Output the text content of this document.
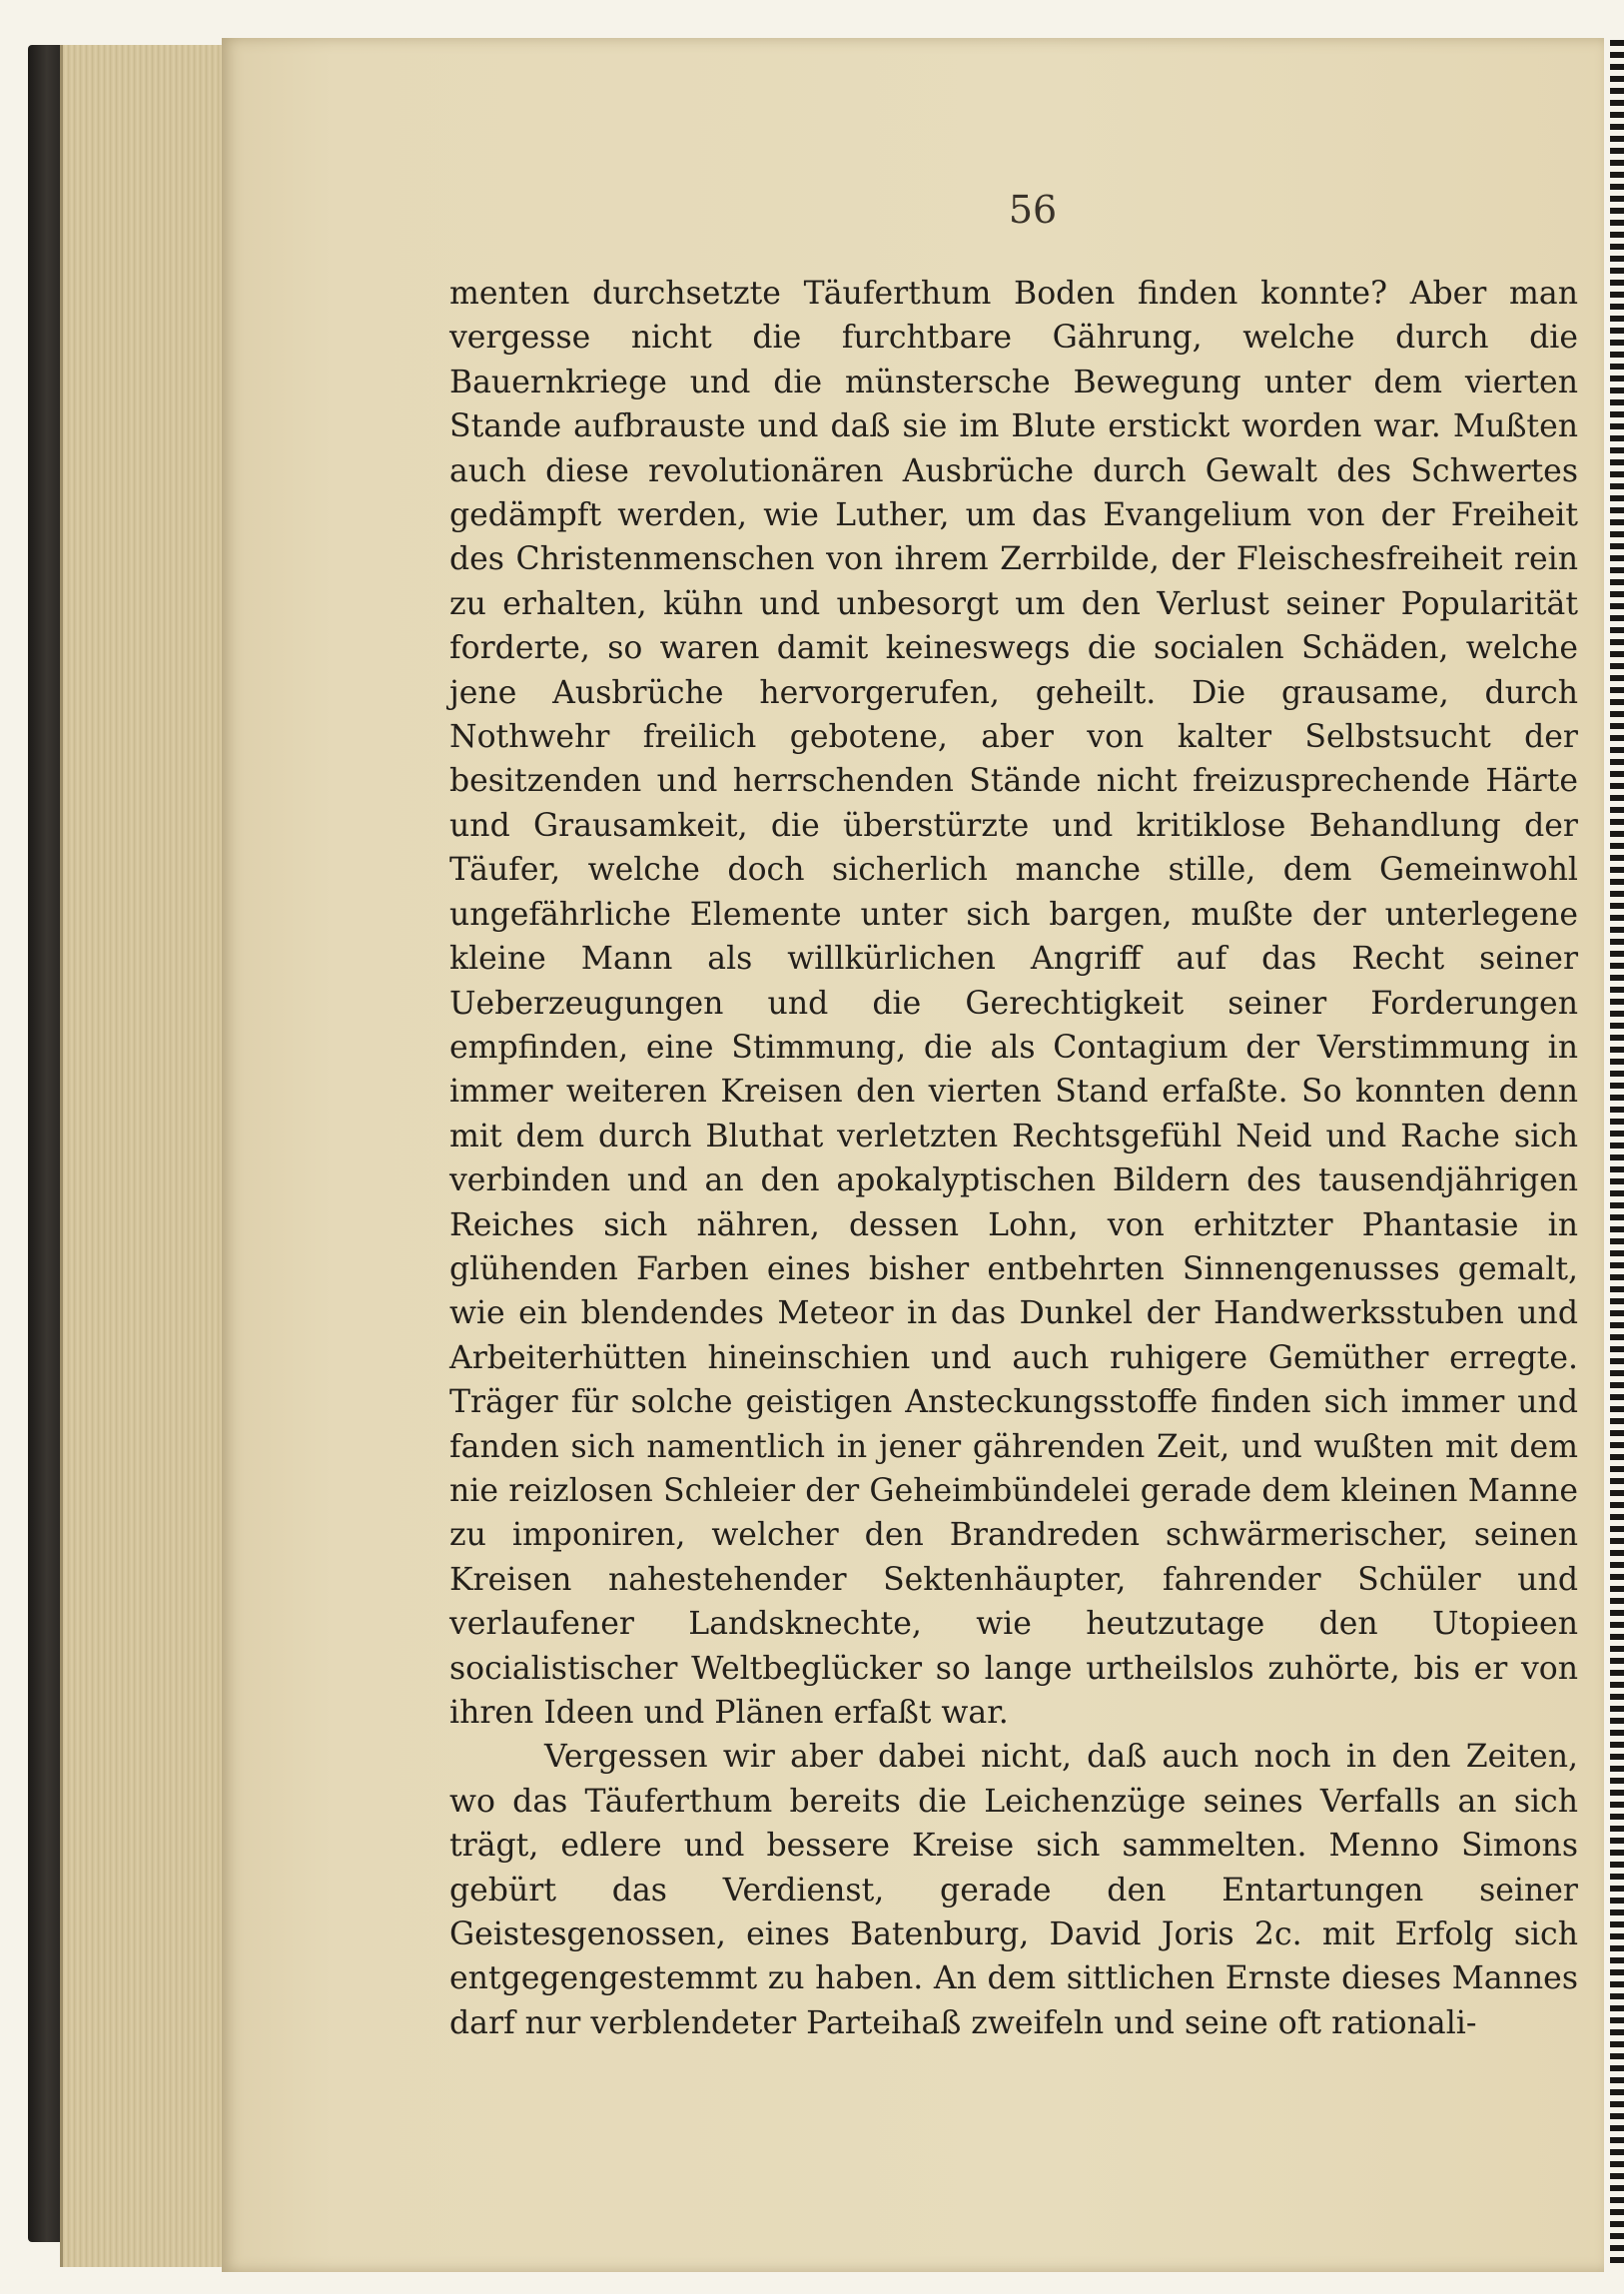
56

menten durchsetzte Täuferthum Boden finden konnte? Aber man vergesse nicht die furchtbare Gährung, welche durch die Bauernkriege und die münstersche Bewegung unter dem vierten Stande aufbrauste und daß sie im Blute erstickt worden war. Mußten auch diese revolutionären Ausbrüche durch Gewalt des Schwertes gedämpft werden, wie Luther, um das Evangelium von der Freiheit des Christenmenschen von ihrem Zerrbilde, der Fleischesfreiheit rein zu erhalten, kühn und unbesorgt um den Verlust seiner Popularität forderte, so waren damit keineswegs die socialen Schäden, welche jene Ausbrüche hervorgerufen, geheilt. Die grausame, durch Nothwehr freilich gebotene, aber von kalter Selbstsucht der besitzenden und herrschenden Stände nicht freizusprechende Härte und Grausamkeit, die überstürzte und kritiklose Behandlung der Täufer, welche doch sicherlich manche stille, dem Gemeinwohl ungefährliche Elemente unter sich bargen, mußte der unterlegene kleine Mann als willkürlichen Angriff auf das Recht seiner Ueberzeugungen und die Gerechtigkeit seiner Forderungen empfinden, eine Stimmung, die als Contagium der Verstimmung in immer weiteren Kreisen den vierten Stand erfaßte. So konnten denn mit dem durch Bluthat verletzten Rechtsgefühl Neid und Rache sich verbinden und an den apokalyptischen Bildern des tausendjährigen Reiches sich nähren, dessen Lohn, von erhitzter Phantasie in glühenden Farben eines bisher entbehrten Sinnengenusses gemalt, wie ein blendendes Meteor in das Dunkel der Handwerksstuben und Arbeiterhütten hineinschien und auch ruhigere Gemüther erregte. Träger für solche geistigen Ansteckungsstoffe finden sich immer und fanden sich namentlich in jener gährenden Zeit, und wußten mit dem nie reizlosen Schleier der Geheimbündelei gerade dem kleinen Manne zu imponiren, welcher den Brandreden schwärmerischer, seinen Kreisen nahestehender Sektenhäupter, fahrender Schüler und verlaufener Landsknechte, wie heutzutage den Utopieen socialistischer Weltbeglücker so lange urtheilslos zuhörte, bis er von ihren Ideen und Plänen erfaßt war.

Vergessen wir aber dabei nicht, daß auch noch in den Zeiten, wo das Täuferthum bereits die Leichenzüge seines Verfalls an sich trägt, edlere und bessere Kreise sich sammelten. Menno Simons gebürt das Verdienst, gerade den Entartungen seiner Geistesgenossen, eines Batenburg, David Joris 2c. mit Erfolg sich entgegengestemmt zu haben. An dem sittlichen Ernste dieses Mannes darf nur verblendeter Parteihaß zweifeln und seine oft rationali-
